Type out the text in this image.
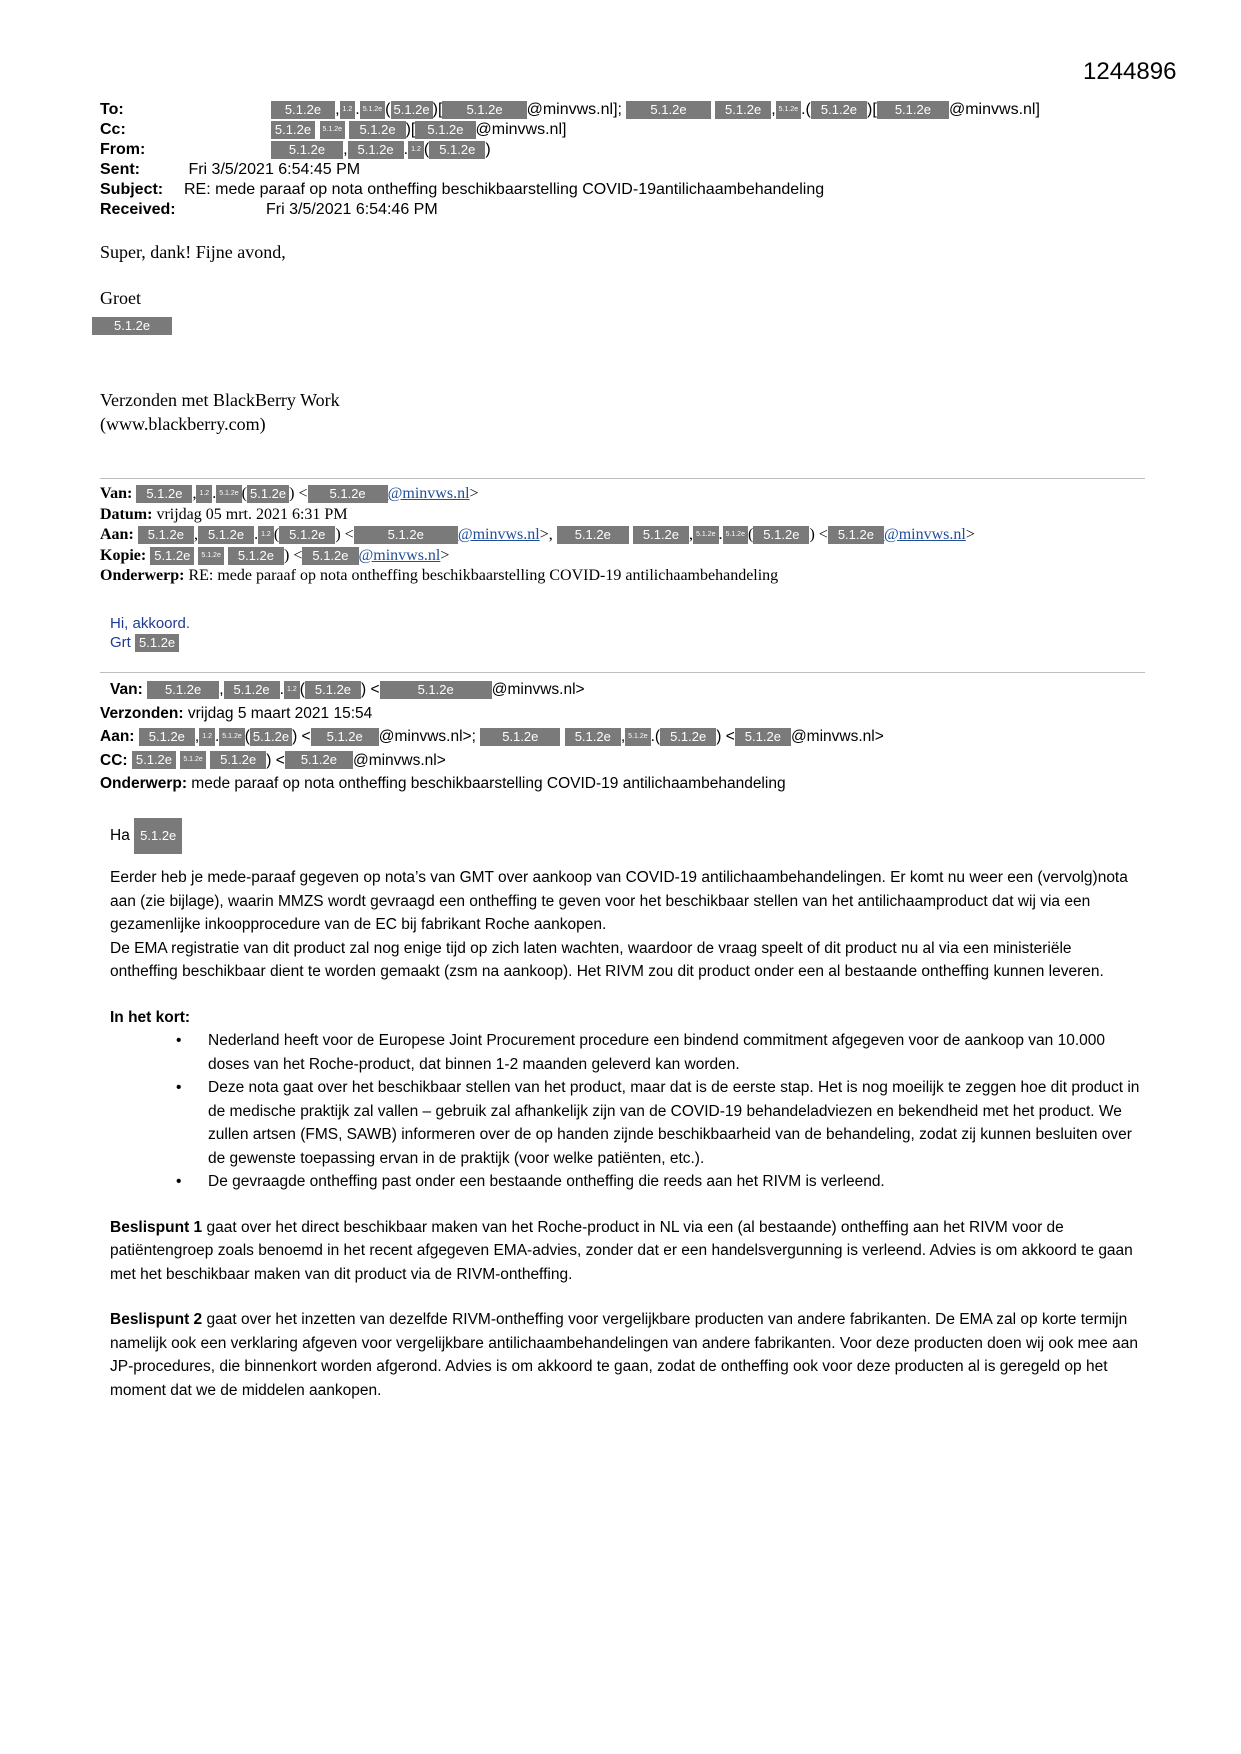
1244896
To:	5.1.2e , 1.2 . 5.1.2e ( 5.1.2e )[ 5.1.2e @minvws.nl]; 5.1.2e	5.1.2e , 5.1.2e .( 5.1.2e )[ 5.1.2e @minvws.nl]
Cc:	5.1.2e 5.1.2e 5.1.2e )[ 5.1.2e @minvws.nl]
From:	5.1.2e , 5.1.2e . 1.2 ( 5.1.2e )
Sent:	Fri 3/5/2021 6:54:45 PM
Subject: RE: mede paraaf op nota ontheffing beschikbaarstelling COVID-19antilichaambehandeling
Received:	Fri 3/5/2021 6:54:46 PM
Super, dank! Fijne avond,
Groet
5.1.2e
Verzonden met BlackBerry Work
(www.blackberry.com)
Van: 5.1.2e , 1.2 . 5.1.2e ( 5.1.2e ) < 5.1.2e @minvws.nl>
Datum: vrijdag 05 mrt. 2021 6:31 PM
Aan: 5.1.2e , 5.1.2e . 1.2 ( 5.1.2e ) <	5.1.2e @minvws.nl>, 5.1.2e 5.1.2e , 5.1.2e . 5.1.2e ( 5.1.2e ) < 5.1.2e @minvws.nl>
Kopie: 5.1.2e 5.1.2e 5.1.2e ) < 5.1.2e @minvws.nl>
Onderwerp: RE: mede paraaf op nota ontheffing beschikbaarstelling COVID-19 antilichaambehandeling
Hi, akkoord.
Grt 5.1.2e
Van: 5.1.2e , 5.1.2e . 1.2 ( 5.1.2e ) <	5.1.2e @minvws.nl>
Verzonden: vrijdag 5 maart 2021 15:54
Aan: 5.1.2e , 1.2 . 5.1.2e ( 5.1.2e ) < 5.1.2e @minvws.nl>; 5.1.2e	5.1.2e , 5.1.2e .( 5.1.2e ) < 5.1.2e @minvws.nl>
CC: 5.1.2e 5.1.2e 5.1.2e ) < 5.1.2e @minvws.nl>
Onderwerp: mede paraaf op nota ontheffing beschikbaarstelling COVID-19 antilichaambehandeling

Ha 5.1.2e

Eerder heb je mede-paraaf gegeven op nota’s van GMT over aankoop van COVID-19 antilichaambehandelingen. Er komt nu weer een (vervolg)nota aan (zie bijlage), waarin MMZS wordt gevraagd een ontheffing te geven voor het beschikbaar stellen van het antilichaamproduct dat wij via een gezamenlijke inkoopprocedure van de EC bij fabrikant Roche aankopen.

De EMA registratie van dit product zal nog enige tijd op zich laten wachten, waardoor de vraag speelt of dit product nu al via een ministeriële ontheffing beschikbaar dient te worden gemaakt (zsm na aankoop). Het RIVM zou dit product onder een al bestaande ontheffing kunnen leveren.

In het kort:

• Nederland heeft voor de Europese Joint Procurement procedure een bindend commitment afgegeven voor de aankoop van 10.000 doses van het Roche-product, dat binnen 1-2 maanden geleverd kan worden.
• Deze nota gaat over het beschikbaar stellen van het product, maar dat is de eerste stap. Het is nog moeilijk te zeggen hoe dit product in de medische praktijk zal vallen – gebruik zal afhankelijk zijn van de COVID-19 behandeladviezen en bekendheid met het product. We zullen artsen (FMS, SAWB) informeren over de op handen zijnde beschikbaarheid van de behandeling, zodat zij kunnen besluiten over de gewenste toepassing ervan in de praktijk (voor welke patiënten, etc.).
• De gevraagde ontheffing past onder een bestaande ontheffing die reeds aan het RIVM is verleend.

Beslispunt 1 gaat over het direct beschikbaar maken van het Roche-product in NL via een (al bestaande) ontheffing aan het RIVM voor de patiëntengroep zoals benoemd in het recent afgegeven EMA-advies, zonder dat er een handelsvergunning is verleend. Advies is om akkoord te gaan met het beschikbaar maken van dit product via de RIVM-ontheffing.

Beslispunt 2 gaat over het inzetten van dezelfde RIVM-ontheffing voor vergelijkbare producten van andere fabrikanten. De EMA zal op korte termijn namelijk ook een verklaring afgeven voor vergelijkbare antilichaambehandelingen van andere fabrikanten. Voor deze producten doen wij ook mee aan JP-procedures, die binnenkort worden afgerond. Advies is om akkoord te gaan, zodat de ontheffing ook voor deze producten al is geregeld op het moment dat we de middelen aankopen.
